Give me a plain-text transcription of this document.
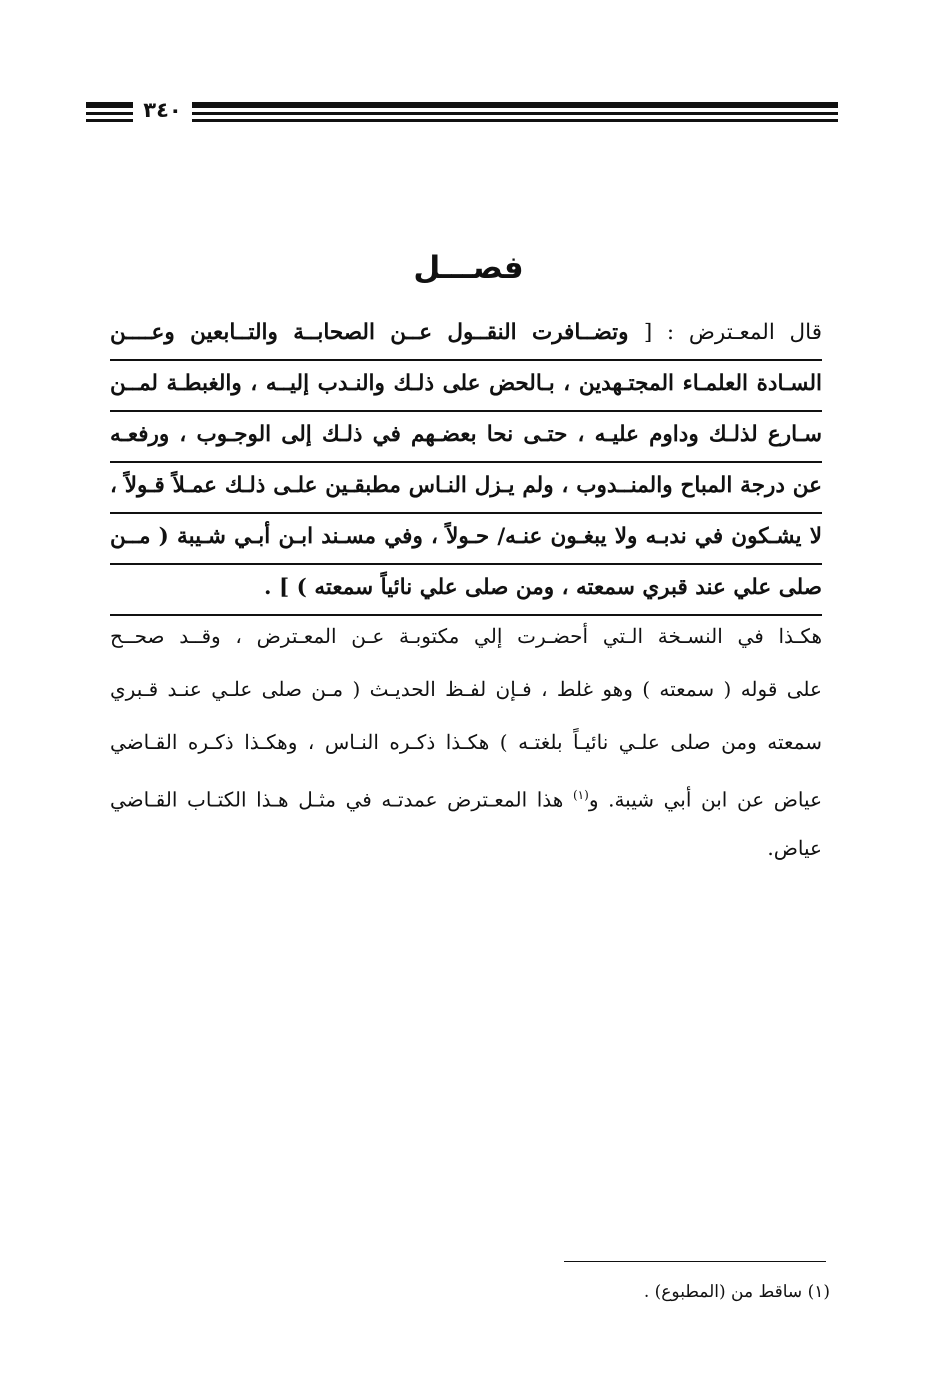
٣٤٠
فصـــل
قال المعـترض : [ وتضــافرت النقــول عــن الصحابــة والتــابعين وعــــن
السـادة العلمـاء المجتـهدين ، بـالحض على ذلـك والنـدب إليــه ، والغبطـة لمــن
سـارع لذلـك وداوم عليـه ، حتـى نحا بعضـهم في ذلـك إلى الوجـوب ، ورفعـه
عن درجة المباح والمنــدوب ، ولم يـزل النـاس مطبقـين علـى ذلـك عمـلاً قـولاً ،
لا يشـكون في ندبـه ولا يبغـون عنـه/ حـولاً ، وفي مسـند ابـن أبـي شـيبة ( مــن
صلى علي عند قبري سمعته ، ومن صلى علي نائياً سمعته ) ] .
هكـذا في النسـخة الـتي أحضـرت إلي مكتوبـة عـن المعـترض ، وقــد صحــح
على قوله ( سمعته ) وهو غلط ، فـإن لفـظ الحديـث ( مـن صلى علـي عنـد قـبري
سمعته ومن صلى علـي نائيـاً بلغتـه ) هكـذا ذكـره النـاس ، وهكـذا ذكـره القـاضي
عياض عن ابن أبي شيبة. و$^{(١)}$ هذا المعـترض عمدتـه في مثـل هـذا الكتـاب القـاضي
عياض.
(١) ساقط من (المطبوع) .
